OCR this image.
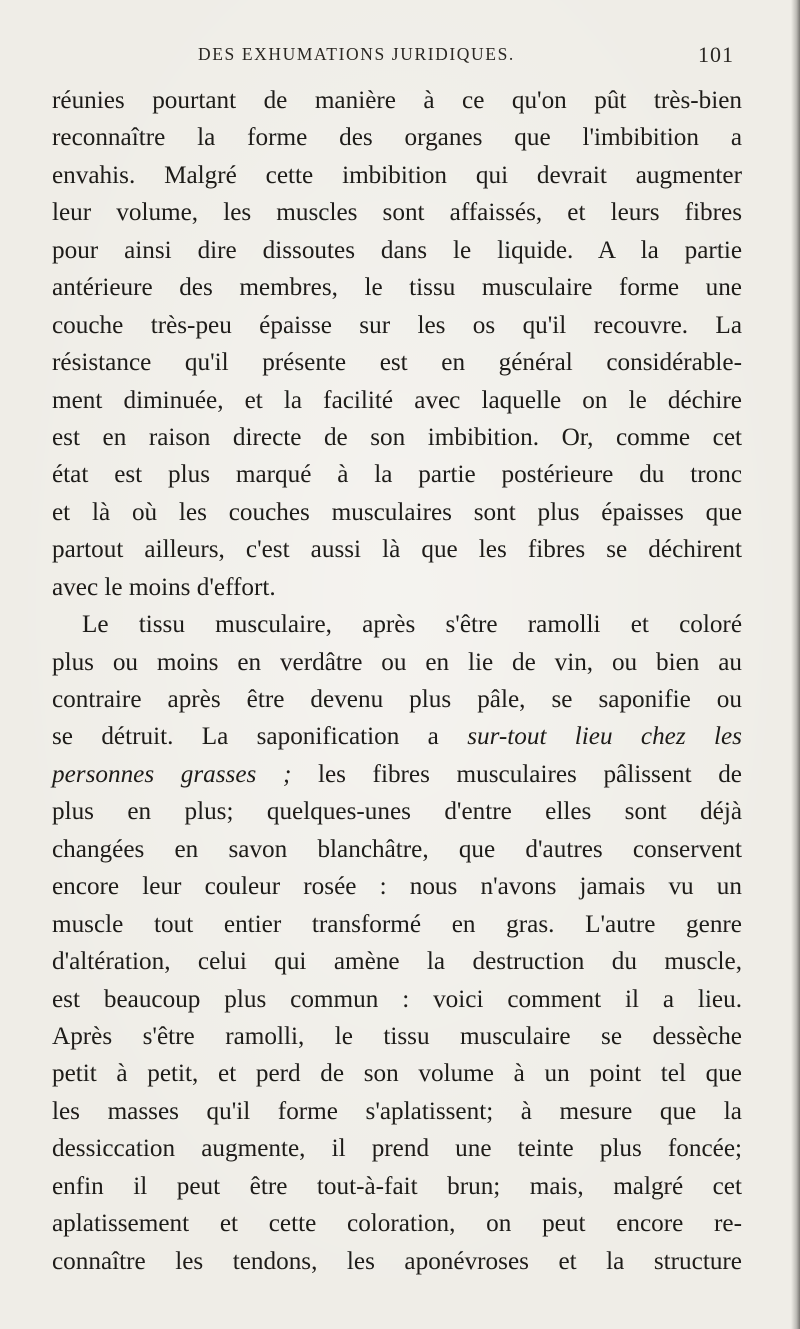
DES EXHUMATIONS JURIDIQUES.	101
réunies pourtant de manière à ce qu'on pût très-bien
reconnaître la forme des organes que l'imbibition a
envahis. Malgré cette imbibition qui devrait augmenter
leur volume, les muscles sont affaissés, et leurs fibres
pour ainsi dire dissoutes dans le liquide. A la partie
antérieure des membres, le tissu musculaire forme une
couche très-peu épaisse sur les os qu'il recouvre. La
résistance qu'il présente est en général considérable-
ment diminuée, et la facilité avec laquelle on le déchire
est en raison directe de son imbibition. Or, comme cet
état est plus marqué à la partie postérieure du tronc
et là où les couches musculaires sont plus épaisses que
partout ailleurs, c'est aussi là que les fibres se déchirent
avec le moins d'effort.
Le tissu musculaire, après s'être ramolli et coloré
plus ou moins en verdâtre ou en lie de vin, ou bien au
contraire après être devenu plus pâle, se saponifie ou
se détruit. La saponification a sur-tout lieu chez les
personnes grasses ; les fibres musculaires pâlissent de
plus en plus; quelques-unes d'entre elles sont déjà
changées en savon blanchâtre, que d'autres conservent
encore leur couleur rosée : nous n'avons jamais vu un
muscle tout entier transformé en gras. L'autre genre
d'altération, celui qui amène la destruction du muscle,
est beaucoup plus commun : voici comment il a lieu.
Après s'être ramolli, le tissu musculaire se dessèche
petit à petit, et perd de son volume à un point tel que
les masses qu'il forme s'aplatissent; à mesure que la
dessiccation augmente, il prend une teinte plus foncée;
enfin il peut être tout-à-fait brun; mais, malgré cet
aplatissement et cette coloration, on peut encore re-
connaître les tendons, les aponévroses et la structure
